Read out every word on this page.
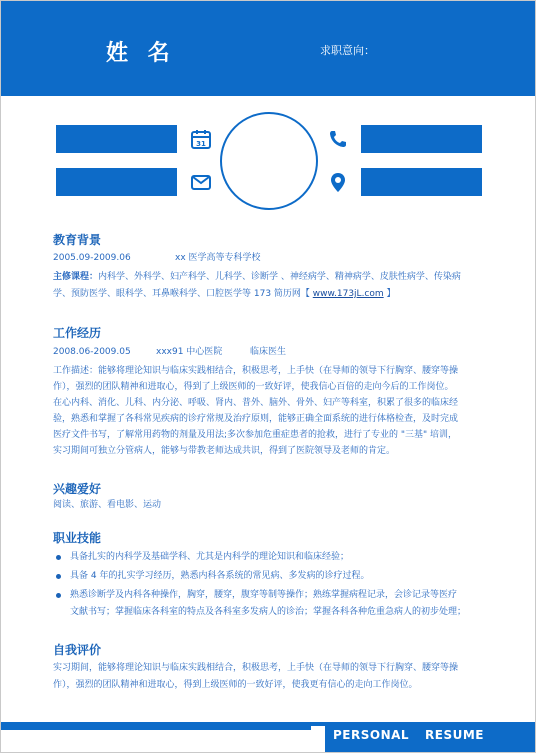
姓 名	求职意向：
31
教育背景
2005.09-2009.06	xx 医学高等专科学校
主修课程：内科学、外科学、妇产科学、儿科学、诊断学 、神经病学、精神病学、皮肤性病学、传染病
学、预防医学、眼科学、耳鼻喉科学、口腔医学等 173 简历网【 www.173jL.com 】
工作经历
2008.06-2009.05	xxx91 中心医院	临床医生
工作描述：能够将理论知识与临床实践相结合，积极思考，上手快（在导师的领导下行胸穿、腰穿等操
作），强烈的团队精神和进取心，得到了上级医师的一致好评，使我信心百倍的走向今后的工作岗位。
在心内科、消化、儿科、内分泌、呼吸、肾内、普外、脑外、骨外、妇产等科室，积累了很多的临床经
验，熟悉和掌握了各科常见疾病的诊疗常规及治疗原则，能够正确全面系统的进行体格检查，及时完成
医疗文件书写，了解常用药物的剂量及用法;多次参加危重症患者的抢救，进行了专业的 "三基" 培训，
实习期间可独立分管病人，能够与带教老师达成共识，得到了医院领导及老师的肯定。
兴趣爱好
阅读、旅游、看电影、运动
职业技能
具备扎实的内科学及基础学科、尤其是内科学的理论知识和临床经验；
具备 4 年的扎实学习经历，熟悉内科各系统的常见病、多发病的诊疗过程。
熟悉诊断学及内科各种操作，胸穿，腰穿，腹穿等制等操作；熟练掌握病程记录，会诊记录等医疗
文献书写；掌握临床各科室的特点及各科室多发病人的诊治；掌握各科各种危重急病人的初步处理；
自我评价
实习期间，能够将理论知识与临床实践相结合，积极思考，上手快（在导师的领导下行胸穿、腰穿等操
作），强烈的团队精神和进取心，得到上级医师的一致好评，使我更有信心的走向工作岗位。
PERSONAL RESUME
